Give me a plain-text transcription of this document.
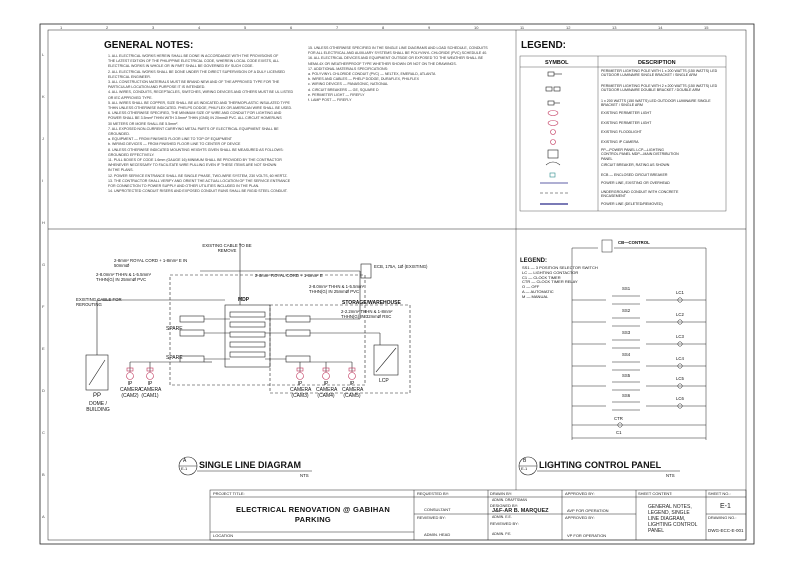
1	2	3	4	5	6	7	8	9	10	11	12	13	14	15
L
K
J
I
H
G
F
E
D
C
B
A
GENERAL NOTES:
1. ALL ELECTRICAL WORKS HEREIN SHALL BE DONE IN ACCORDANCE WITH THE PROVISIONS OF
THE LATEST EDITION OF THE PHILIPPINE ELECTRICAL CODE, WHEREIN LOCAL CODE EXISTS, ALL
ELECTRICAL WORKS IN WHOLE OR IN PART SHALL BE GOVERNED BY SUCH CODE.
2. ALL ELECTRICAL WORKS SHALL BE DONE UNDER THE DIRECT SUPERVISION OF A DULY LICENSED
ELECTRICAL ENGINEER.
3. ALL CONSTRUCTION MATERIALS MUST BE BRAND NEW AND OF THE APPROVED TYPE FOR THE
PARTICULAR LOCATION AND PURPOSE IT IS INTENDED.
4. ALL WIRES, CONDUITS, RECEPTACLES, SWITCHES, WIRING DEVICES AND OTHERS MUST BE UL LISTED
OR IEC APPROVED TYPE.
5. ALL WIRES SHALL BE COPPER, SIZE SHALL BE AS INDICATED AND THERMOPLASTIC INSULATED TYPE
THHN UNLESS OTHERWISE INDICATED. PHELPS DODGE, PHILFLEX OR AMERICAN WIRE SHALL BE USED.
6. UNLESS OTHERWISE SPECIFIED, THE MINIMUM SIZE OF WIRE AND CONDUIT FOR LIGHTING AND
POWER SHALL BE 3.5mm² THHN WITH 3.5mm² THHN (GND) IN 20mmØ PVC. ALL CIRCUIT HOMERUNS
30 METERS OR MORE SHALL BE 5.5mm².
7. ALL EXPOSED NON-CURRENT CARRYING METAL PARTS OF ELECTRICAL EQUIPMENT SHALL BE
GROUNDED.
a. EQUIPMENT — FROM FINISHED FLOOR LINE TO TOP OF EQUIPMENT
b. WIRING DEVICES — FROM FINISHED FLOOR LINE TO CENTER OF DEVICE
8. UNLESS OTHERWISE INDICATED MOUNTING HEIGHTS GIVEN SHALL BE MEASURED AS FOLLOWS:
GROUNDED EFFECTIVELY.
11. PULL BOXES OF CODE 1.6mm (GAUGE 16) MINIMUM SHALL BE PROVIDED BY THE CONTRACTOR
WHENEVER NECESSARY TO FACILITATE WIRE PULLING EVEN IF THESE ITEMS ARE NOT SHOWN
IN THE PLANS.
12. POWER SERVICE ENTRANCE SHALL BE SINGLE PHASE, TWO-WIRE SYSTEM, 230 VOLTS, 60 HERTZ.
13. THE CONTRACTOR SHALL VERIFY AND ORIENT THE ACTUAL LOCATION OF THE SERVICE ENTRANCE
FOR CONNECTION TO POWER SUPPLY AND OTHER UTILITIES INCLUDED IN THE PLAN.
14. UNPROTECTED CONDUIT RISERS AND EXPOSED CONDUIT RUNS SHALL BE RIGID STEEL CONDUIT.
15. UNLESS OTHERWISE SPECIFIED IN THE SINGLE LINE DIAGRAMS AND LOAD SCHEDULE, CONDUITS
FOR ALL ELECTRICAL AND AUXILIARY SYSTEMS SHALL BE POLYVINYL CHLORIDE (PVC) SCHEDULE 40.
16. ALL ELECTRICAL DEVICES AND EQUIPMENT OUTSIDE OR EXPOSED TO THE WEATHER SHALL BE
NEMA 4X OR WEATHERPROOF TYPE WHETHER SHOWN OR NOT ON THE DRAWINGS.
17. ADDITIONAL MATERIALS SPECIFICATIONS:
a. POLYVINYL CHLORIDE CONDUIT (PVC) — NELTEX, EMERALD, ATLANTA
b. WIRES AND CABLES — PHELP DODGE, DURAFLEX, PHILFLEX
c. WIRING DEVICES — PANASONIC, NATIONAL
d. CIRCUIT BREAKERS — GE, SQUARE D
e. PERIMETER LIGHT — FIREFLY
f. LAMP POST — FIREFLY
LEGEND:
SYMBOL	DESCRIPTION
PERIMETER LIGHTING POLE WITH 1 x 200 WATTS (150 WATTS) LED OUTDOOR LUMINAIRE SINGLE BRACKET / SINGLE ARM
PERIMETER LIGHTING POLE WITH 2 x 200 WATTS (150 WATTS) LED OUTDOOR LUMINAIRE DOUBLE BRACKET / DOUBLE ARM
1 x 200 WATTS (150 WATTS) LED OUTDOOR LUMINAIRE SINGLE BRACKET / SINGLE ARM
EXISTING PERIMETER LIGHT
EXISTING PERIMETER LIGHT
EXISTING FLOODLIGHT
EXISTING IP CAMERA
PP—POWER PANEL LCP—LIGHTING CONTROL PANEL MDP—MAIN DISTRIBUTION PANEL
CIRCUIT BREAKER, RATING AS SHOWN
ECB — ENCLOSED CIRCUIT BREAKER
POWER LINE, EXISTING OR OVERHEAD
UNDERGROUND CONDUIT WITH CONCRETE ENCASEMENT
POWER LINE (DELETED/REMOVED)
EXISTING CABLE TO BE REMOVE
2-8mm² ROYAL CORD + 1-8mm² E IN 50mmØ
2-8mm² ROYAL CORD + 1-8mm² E
ECB, 175A, 1Ø (EXISTING)
2-8.0mm² THHN & 1-5.5mm² THHN(G) IN 25mmØ PVC
2-8.0mm² THHN & 1-5.5mm² THHN(G) IN 25mmØ PVC
2-2.2mm² THHN & 1-8mm² THHN(G) IN 32mmØ RSC
EXISTING CABLE FOR REROUTING
MDP	STORAGE/WAREHOUSE
PP
DOME / BUILDING
LCP
SPARE
SPARE
IP
CAMERA
(CAM2)
IP
CAMERA
(CAM1)
IP
CAMERA
(CAM3)
IP
CAMERA
(CAM4)
IP
CAMERA
(CAM5)
A
E-1 SINGLE LINE DIAGRAM
NTS
CB—CONTROL
LEGEND:
SS1 — 3 POSITION SELECTOR SWITCH
LC — LIGHTING CONTACTOR
C1 — CLOCK TIMER
CTR — CLOCK TIMER RELAY
O — OFF
A — AUTOMATIC
M — MANUAL
SS1
SS2
SS3
SS4
SS5
SS6
LC1
LC2
LC3
LC4
LC5
LC6
CTR
C1
B
E-1 LIGHTING CONTROL PANEL
NTS
PROJECT TITLE:
ELECTRICAL RENOVATION @ GABIHAN PARKING
LOCATION
REQUESTED BY:
CONSULTANT
REVIEWED BY:
ADMIN. HEAD
DRAWN BY:
ADMIN. DRAFTSMAN
DESIGNED BY:
J&F-AR B. MARQUEZ
ADMIN. E.E.
REVIEWED BY:
ADMIN. P.E.
APPROVED BY:
AVP FOR OPERATION
APPROVED BY:
VP FOR OPERATION
SHEET CONTENT:
GENERAL NOTES, LEGEND, SINGLE LINE DIAGRAM, LIGHTING CONTROL PANEL
SHEET NO.:
E-1
DRAWING NO.:
DWG-ECC-E-001
